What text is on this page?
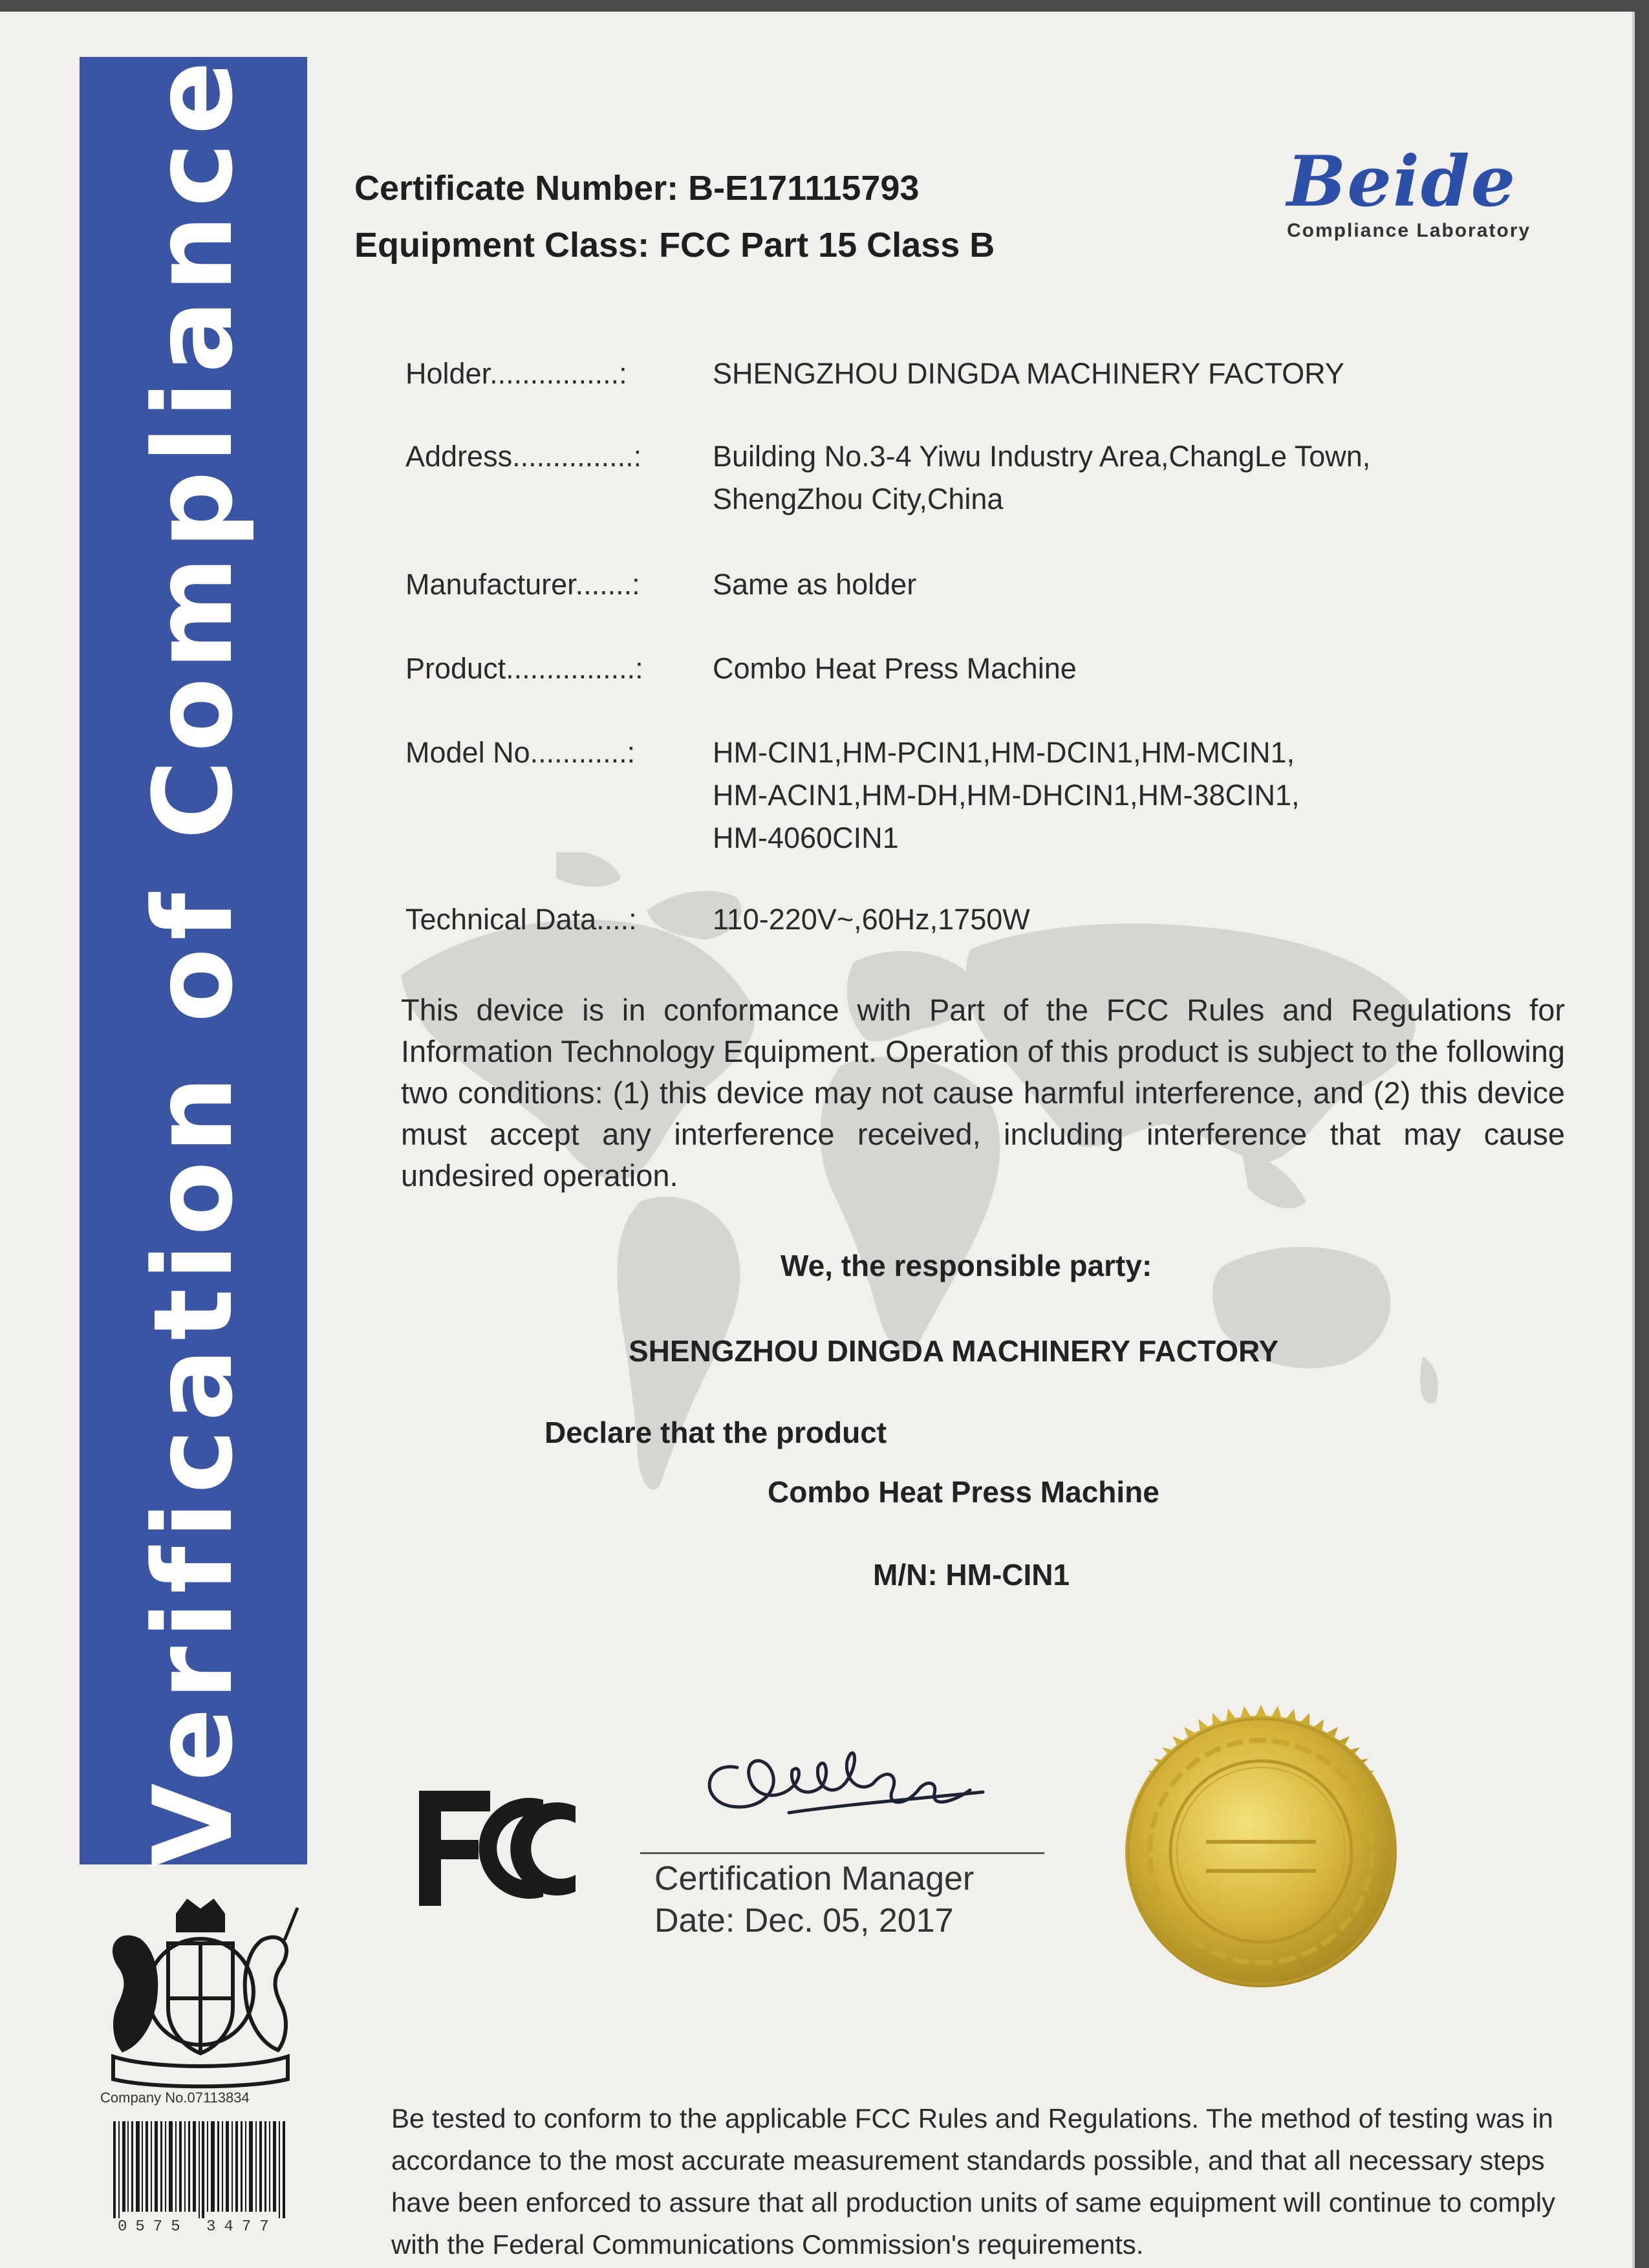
Verification of Compliance	Beide
Compliance Laboratory
Certificate Number: B-E171115793
Equipment Class: FCC Part 15 Class B
Holder................:	SHENGZHOU DINGDA MACHINERY FACTORY
Address...............: Building No.3-4 Yiwu Industry Area,ChangLe Town,
ShengZhou City,China
Manufacturer.......: Same as holder
Product................: Combo Heat Press Machine
Model No............:	HM-CIN1,HM-PCIN1,HM-DCIN1,HM-MCIN1,
HM-ACIN1,HM-DH,HM-DHCIN1,HM-38CIN1,
HM-4060CIN1
Technical Data....:	110-220V~,60Hz,1750W
This device is in conformance with Part of the FCC Rules and Regulations for Information Technology Equipment. Operation of this product is subject to the following two conditions: (1) this device may not cause harmful interference, and (2) this device must accept any interference received, including interference that may cause undesired operation.
We, the responsible party:
SHENGZHOU DINGDA MACHINERY FACTORY
Declare that the product
Combo Heat Press Machine
M/N: HM-CIN1
Certification Manager
Date: Dec. 05, 2017
Company No.07113834
0575 3477
Be tested to conform to the applicable FCC Rules and Regulations. The method of testing was in accordance to the most accurate measurement standards possible, and that all necessary steps have been enforced to assure that all production units of same equipment will continue to comply with the Federal Communications Commission's requirements.
